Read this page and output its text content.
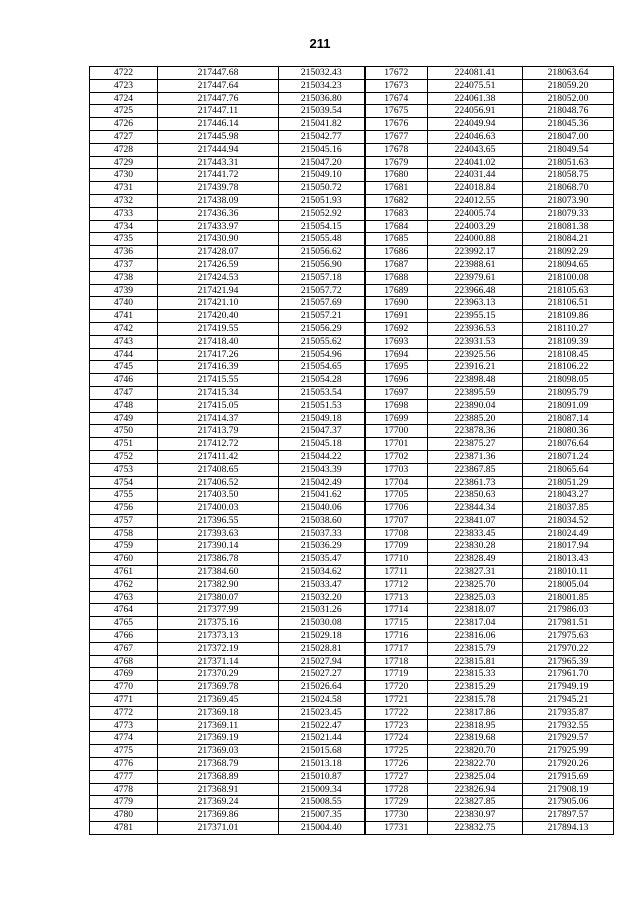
211
4722	217447.68	215032.43	17672	224081.41	218063.64
4723	217447.64	215034.23	17673	224075.51	218059.20
4724	217447.76	215036.80	17674	224061.38	218052.00
4725	217447.11	215039.54	17675	224056.91	218048.76
4726	217446.14	215041.82	17676	224049.94	218045.36
4727	217445.98	215042.77	17677	224046.63	218047.00
4728	217444.94	215045.16	17678	224043.65	218049.54
4729	217443.31	215047.20	17679	224041.02	218051.63
4730	217441.72	215049.10	17680	224031.44	218058.75
4731	217439.78	215050.72	17681	224018.84	218068.70
4732	217438.09	215051.93	17682	224012.55	218073.90
4733	217436.36	215052.92	17683	224005.74	218079.33
4734	217433.97	215054.15	17684	224003.29	218081.38
4735	217430.90	215055.48	17685	224000.88	218084.21
4736	217428.07	215056.62	17686	223992.17	218092.29
4737	217426.59	215056.90	17687	223988.61	218094.65
4738	217424.53	215057.18	17688	223979.61	218100.08
4739	217421.94	215057.72	17689	223966.48	218105.63
4740	217421.10	215057.69	17690	223963.13	218106.51
4741	217420.40	215057.21	17691	223955.15	218109.86
4742	217419.55	215056.29	17692	223936.53	218110.27
4743	217418.40	215055.62	17693	223931.53	218109.39
4744	217417.26	215054.96	17694	223925.56	218108.45
4745	217416.39	215054.65	17695	223916.21	218106.22
4746	217415.55	215054.28	17696	223898.48	218098.05
4747	217415.34	215053.54	17697	223895.59	218095.79
4748	217415.05	215051.53	17698	223890.04	218091.09
4749	217414.37	215049.18	17699	223885.20	218087.14
4750	217413.79	215047.37	17700	223878.36	218080.36
4751	217412.72	215045.18	17701	223875.27	218076.64
4752	217411.42	215044.22	17702	223871.36	218071.24
4753	217408.65	215043.39	17703	223867.85	218065.64
4754	217406.52	215042.49	17704	223861.73	218051.29
4755	217403.50	215041.62	17705	223850.63	218043.27
4756	217400.03	215040.06	17706	223844.34	218037.85
4757	217396.55	215038.60	17707	223841.07	218034.52
4758	217393.63	215037.33	17708	223833.45	218024.49
4759	217390.14	215036.29	17709	223830.28	218017.94
4760	217386.78	215035.47	17710	223828.49	218013.43
4761	217384.60	215034.62	17711	223827.31	218010.11
4762	217382.90	215033.47	17712	223825.70	218005.04
4763	217380.07	215032.20	17713	223825.03	218001.85
4764	217377.99	215031.26	17714	223818.07	217986.03
4765	217375.16	215030.08	17715	223817.04	217981.51
4766	217373.13	215029.18	17716	223816.06	217975.63
4767	217372.19	215028.81	17717	223815.79	217970.22
4768	217371.14	215027.94	17718	223815.81	217965.39
4769	217370.29	215027.27	17719	223815.33	217961.70
4770	217369.78	215026.64	17720	223815.29	217949.19
4771	217369.45	215024.58	17721	223815.78	217945.21
4772	217369.18	215023.45	17722	223817.86	217935.87
4773	217369.11	215022.47	17723	223818.95	217932.55
4774	217369.19	215021.44	17724	223819.68	217929.57
4775	217369.03	215015.68	17725	223820.70	217925.99
4776	217368.79	215013.18	17726	223822.70	217920.26
4777	217368.89	215010.87	17727	223825.04	217915.69
4778	217368.91	215009.34	17728	223826.94	217908.19
4779	217369.24	215008.55	17729	223827.85	217905.06
4780	217369.86	215007.35	17730	223830.97	217897.57
4781	217371.01	215004.40	17731	223832.75	217894.13
